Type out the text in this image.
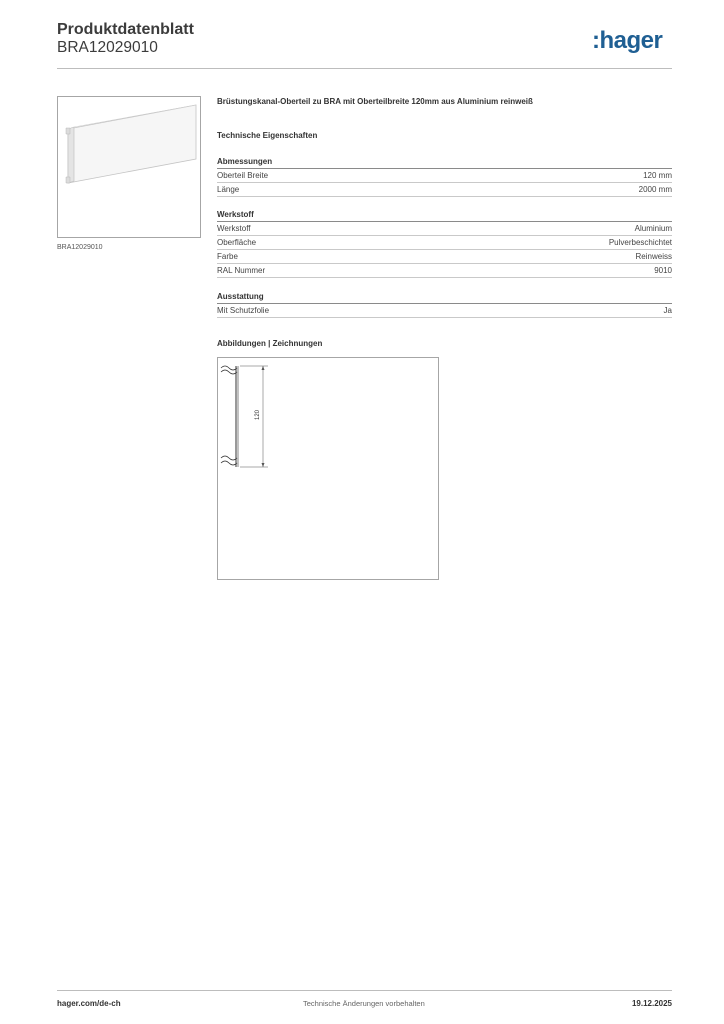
Produktdatenblatt
BRA12029010	:hager
BRA12029010
Brüstungskanal-Oberteil zu BRA mit Oberteilbreite 120mm aus Aluminium reinweiß
Technische Eigenschaften
Abmessungen
Oberteil Breite	120 mm
Länge	2000 mm
Werkstoff
Werkstoff	Aluminium
Oberfläche	Pulverbeschichtet
Farbe	Reinweiss
RAL Nummer	9010
Ausstattung
Mit Schutzfolie	Ja
Abbildungen | Zeichnungen
120
hager.com/de-ch	Technische Änderungen vorbehalten	19.12.2025
